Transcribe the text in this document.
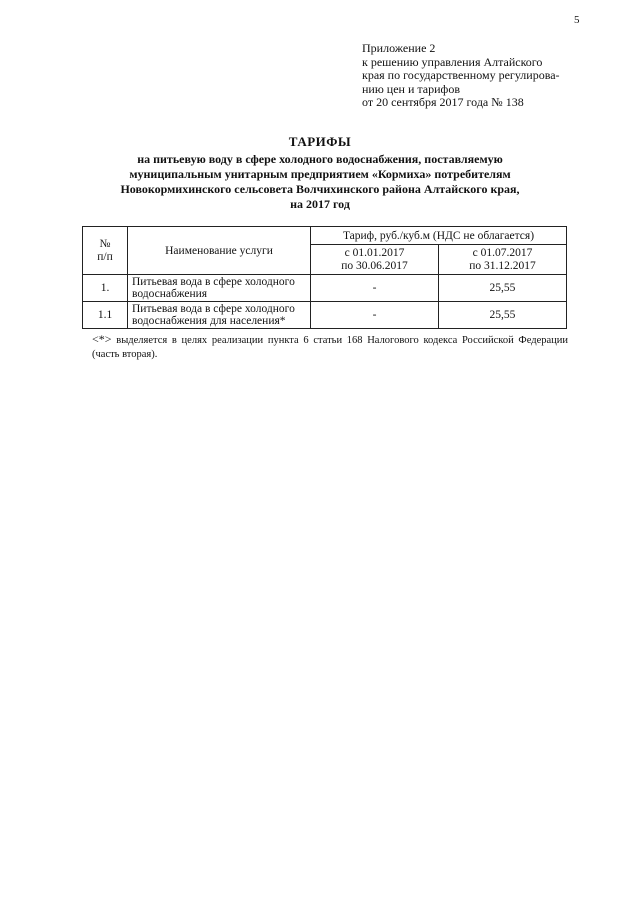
5
Приложение 2
к решению управления Алтайского
края по государственному регулирова-
нию цен и тарифов
от 20 сентября 2017 года № 138
ТАРИФЫ
на питьевую воду в сфере холодного водоснабжения, поставляемую
муниципальным унитарным предприятием «Кормиха» потребителям
Новокормихинского сельсовета Волчихинского района Алтайского края,
на 2017 год
№
п/п	Наименование услуги	Тариф, руб./куб.м (НДС не облагается)	
		с 01.01.2017
по 30.06.2017	с 01.07.2017
по 31.12.2017
1.	Питьевая вода в сфере холодного
водоснабжения	-	25,55
1.1	Питьевая вода в сфере холодного
водоснабжения для населения*	-	25,55
<*> выделяется в целях реализации пункта 6 статьи 168 Налогового кодекса Российской Федерации (часть вторая).
